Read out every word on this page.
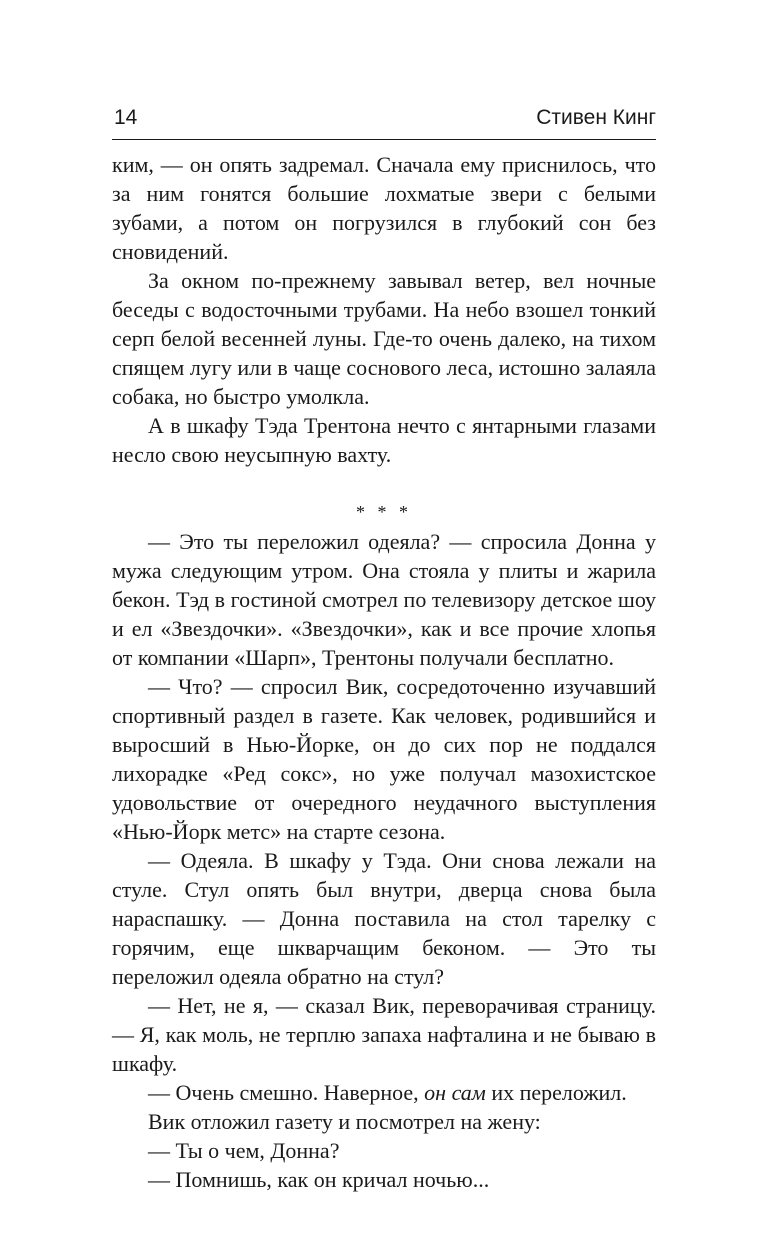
14	Стивен Кинг

ким, — он опять задремал. Сначала ему приснилось, что за ним гонятся большие лохматые звери с белыми зубами, а потом он погрузился в глубокий сон без сновидений.

За окном по-прежнему завывал ветер, вел ночные беседы с водосточными трубами. На небо взошел тонкий серп белой весенней луны. Где-то очень далеко, на тихом спящем лугу или в чаще соснового леса, истошно залаяла собака, но быстро умолкла.

А в шкафу Тэда Трентона нечто с янтарными глазами несло свою неусыпную вахту.

* * *

— Это ты переложил одеяла? — спросила Донна у мужа следующим утром. Она стояла у плиты и жарила бекон. Тэд в гостиной смотрел по телевизору детское шоу и ел «Звездочки». «Звездочки», как и все прочие хлопья от компании «Шарп», Трентоны получали бесплатно.

— Что? — спросил Вик, сосредоточенно изучавший спортивный раздел в газете. Как человек, родившийся и выросший в Нью-Йорке, он до сих пор не поддался лихорадке «Ред сокс», но уже получал мазохистское удовольствие от очередного неудачного выступления «Нью-Йорк метс» на старте сезона.

— Одеяла. В шкафу у Тэда. Они снова лежали на стуле. Стул опять был внутри, дверца снова была нараспашку. — Донна поставила на стол тарелку с горячим, еще шкварчащим беконом. — Это ты переложил одеяла обратно на стул?

— Нет, не я, — сказал Вик, переворачивая страницу. — Я, как моль, не терплю запаха нафталина и не бываю в шкафу.

— Очень смешно. Наверное, он сам их переложил.

Вик отложил газету и посмотрел на жену:

— Ты о чем, Донна?

— Помнишь, как он кричал ночью...
